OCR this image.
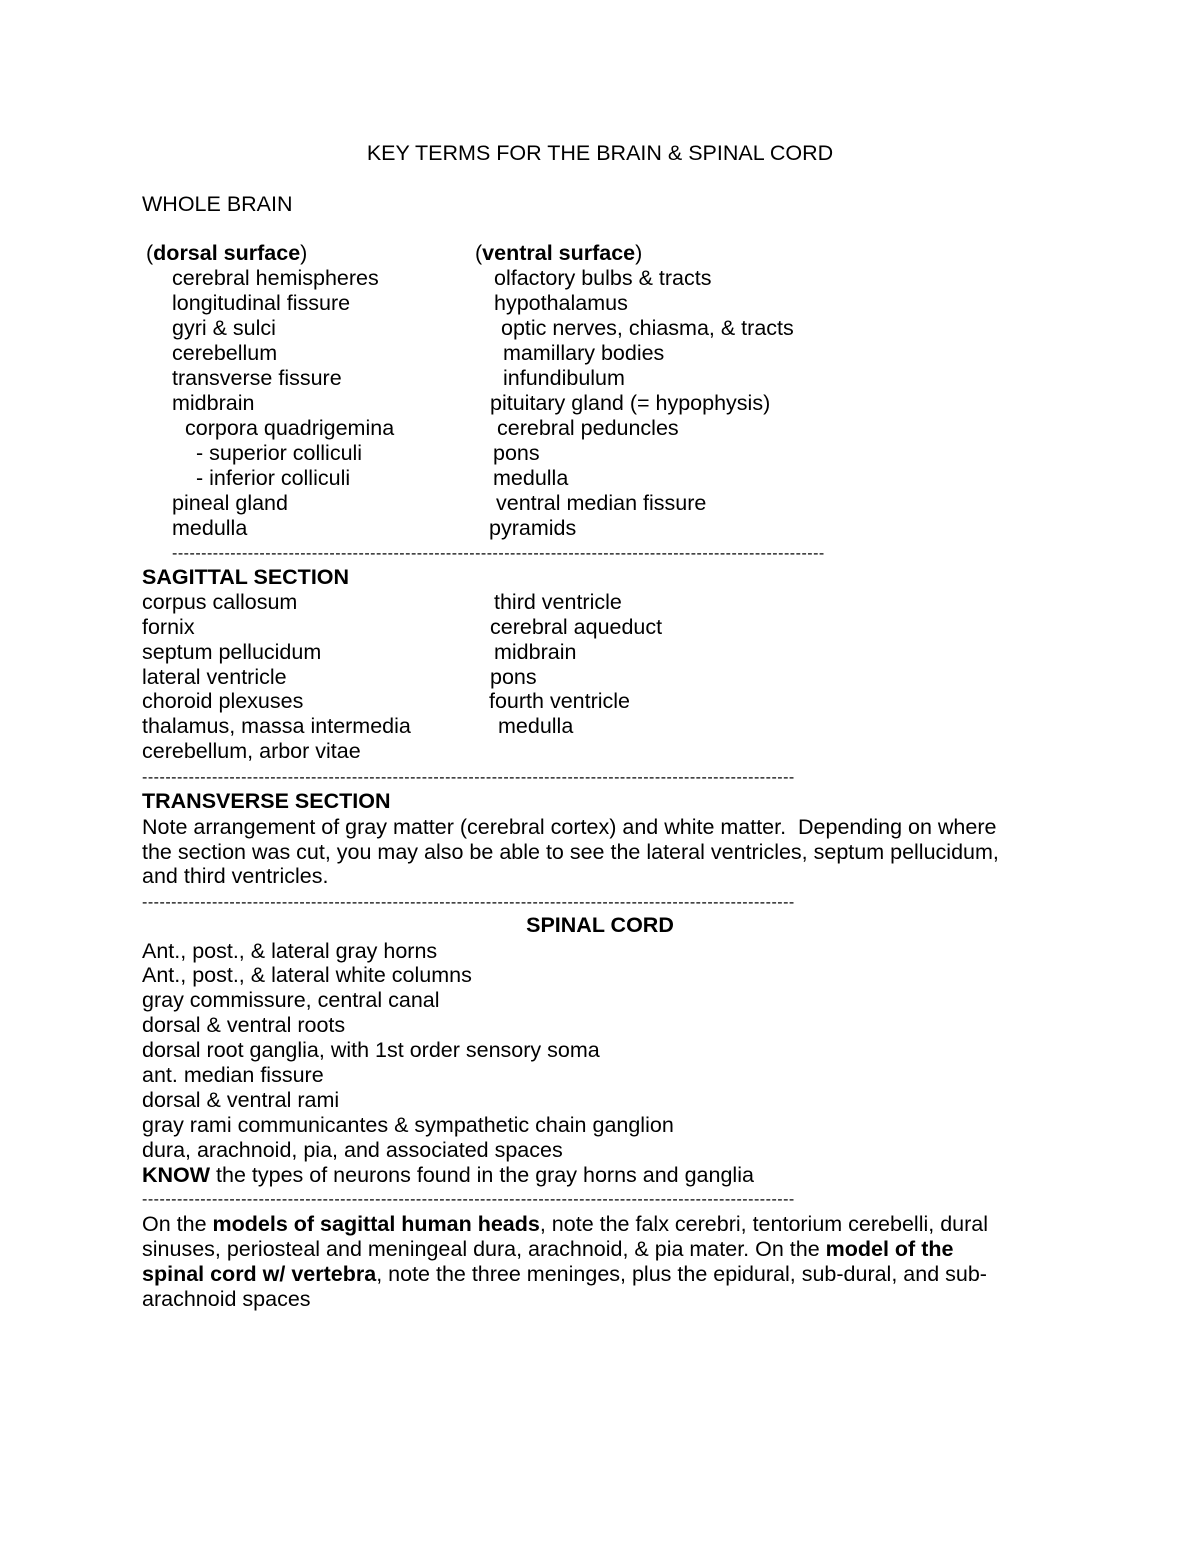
KEY TERMS FOR THE BRAIN & SPINAL CORD
WHOLE BRAIN
(dorsal surface)	(ventral surface)
cerebral hemispheres
longitudinal fissure
gyri & sulci
cerebellum
transverse fissure
midbrain
corpora quadrigemina
- superior colliculi
- inferior colliculi
pineal gland
medulla
olfactory bulbs & tracts
hypothalamus
optic nerves, chiasma, & tracts
mamillary bodies
infundibulum
pituitary gland (= hypophysis)
cerebral peduncles
pons
medulla
ventral median fissure
pyramids
----------------------------------------------------------------------------------------------------------------
SAGITTAL SECTION
corpus callosum
fornix
septum pellucidum
lateral ventricle
choroid plexuses
thalamus, massa intermedia
cerebellum, arbor vitae
third ventricle
cerebral aqueduct
midbrain
pons
fourth ventricle
medulla
----------------------------------------------------------------------------------------------------------------
TRANSVERSE SECTION
Note arrangement of gray matter (cerebral cortex) and white matter.  Depending on where
the section was cut, you may also be able to see the lateral ventricles, septum pellucidum,
and third ventricles.
----------------------------------------------------------------------------------------------------------------
SPINAL CORD
Ant., post., & lateral gray horns
Ant., post., & lateral white columns
gray commissure, central canal
dorsal & ventral roots
dorsal root ganglia, with 1st order sensory soma
ant. median fissure
dorsal & ventral rami
gray rami communicantes & sympathetic chain ganglion
dura, arachnoid, pia, and associated spaces
KNOW the types of neurons found in the gray horns and ganglia
----------------------------------------------------------------------------------------------------------------
On the models of sagittal human heads, note the falx cerebri, tentorium cerebelli, dural
sinuses, periosteal and meningeal dura, arachnoid, & pia mater. On the model of the
spinal cord w/ vertebra, note the three meninges, plus the epidural, sub-dural, and sub-
arachnoid spaces
